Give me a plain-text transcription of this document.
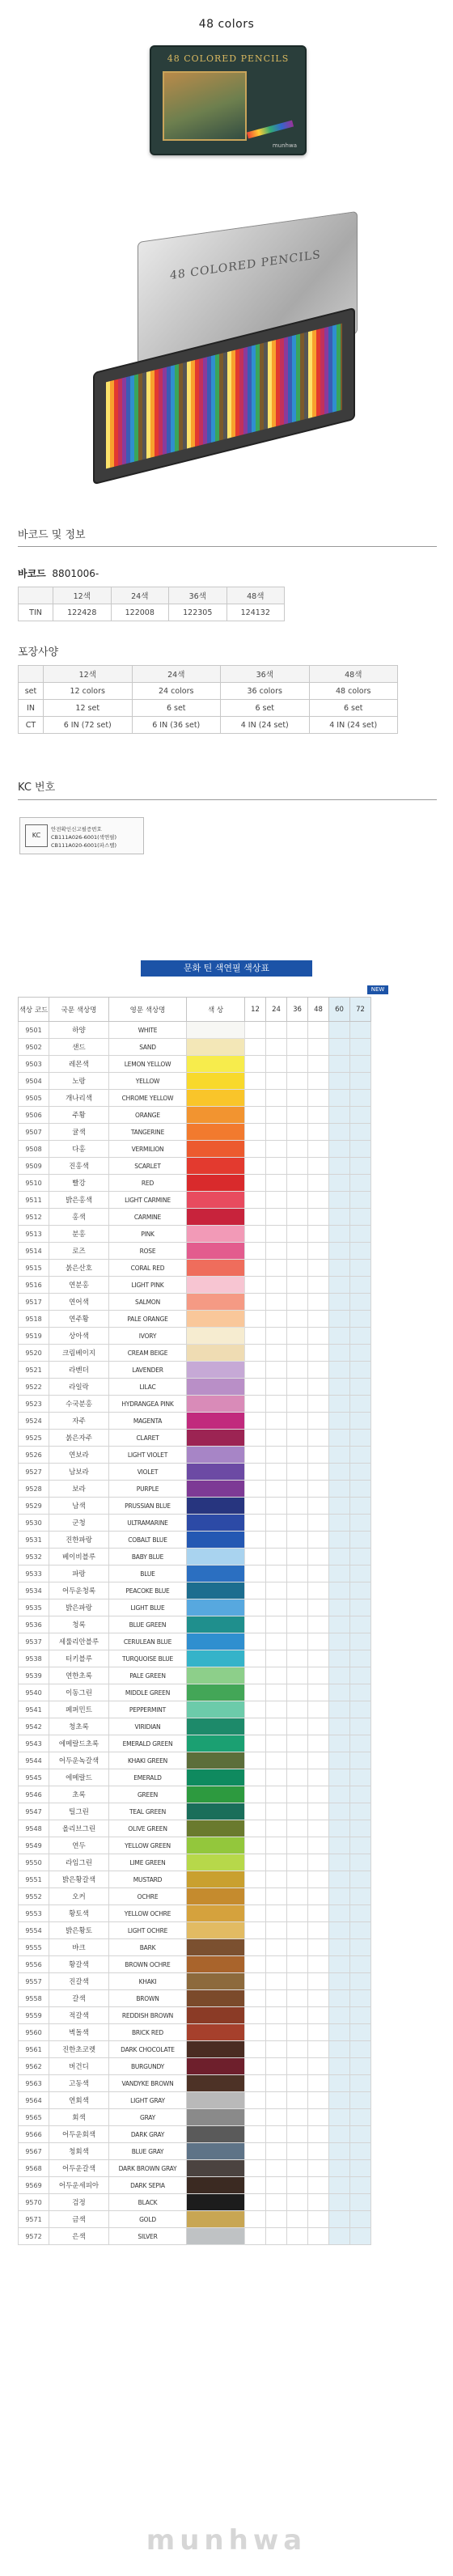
48 colors
48 COLORED PENCILS
munhwa
48 COLORED PENCILS
바코드 및 정보
바코드 8801006-
	12색	24색	36색	48색
TIN	122428	122008	122305	124132
포장사양
	12색	24색	36색	48색
set	12 colors	24 colors	36 colors	48 colors
IN	12 set	6 set	6 set	6 set
CT	6 IN (72 set)	6 IN (36 set)	4 IN (24 set)	4 IN (24 set)
KC 번호
KC
안전확인신고필증번호
CB111A026-6001(색연필)
CB111A020-6001(파스텔)
문화 틴 색연필 색상표
NEW
색상 코드	국문 색상명	영문 색상명	색 상	12	24	36	48	60	72
9501	하양	WHITE							
9502	샌드	SAND							
9503	레몬색	LEMON YELLOW							
9504	노랑	YELLOW							
9505	개나리색	CHROME YELLOW							
9506	주황	ORANGE							
9507	귤색	TANGERINE							
9508	다홍	VERMILION							
9509	진홍색	SCARLET							
9510	빨강	RED							
9511	밝은홍색	LIGHT CARMINE							
9512	홍색	CARMINE							
9513	분홍	PINK							
9514	로즈	ROSE							
9515	붉은산호	CORAL RED							
9516	연분홍	LIGHT PINK							
9517	연어색	SALMON							
9518	연주황	PALE ORANGE							
9519	상아색	IVORY							
9520	크림베이지	CREAM BEIGE							
9521	라벤더	LAVENDER							
9522	라일락	LILAC							
9523	수국분홍	HYDRANGEA PINK							
9524	자주	MAGENTA							
9525	붉은자주	CLARET							
9526	연보라	LIGHT VIOLET							
9527	남보라	VIOLET							
9528	보라	PURPLE							
9529	남색	PRUSSIAN BLUE							
9530	군청	ULTRAMARINE							
9531	진한파랑	COBALT BLUE							
9532	베이비블루	BABY BLUE							
9533	파랑	BLUE							
9534	어두운청록	PEACOKE BLUE							
9535	밝은파랑	LIGHT BLUE							
9536	청록	BLUE GREEN							
9537	세룰리안블루	CERULEAN BLUE							
9538	터키블루	TURQUOISE BLUE							
9539	연한초록	PALE GREEN							
9540	이동그린	MIDDLE GREEN							
9541	페퍼민트	PEPPERMINT							
9542	청초록	VIRIDIAN							
9543	에메랄드초록	EMERALD GREEN							
9544	어두운녹갈색	KHAKI GREEN							
9545	에메랄드	EMERALD							
9546	초록	GREEN							
9547	틸그린	TEAL GREEN							
9548	올리브그린	OLIVE GREEN							
9549	연두	YELLOW GREEN							
9550	라임그린	LIME GREEN							
9551	밝은황갈색	MUSTARD							
9552	오커	OCHRE							
9553	황토색	YELLOW OCHRE							
9554	밝은황토	LIGHT OCHRE							
9555	바크	BARK							
9556	황갈색	BROWN OCHRE							
9557	진갈색	KHAKI							
9558	갈색	BROWN							
9559	적갈색	REDDISH BROWN							
9560	벽돌색	BRICK RED							
9561	진한초코렛	DARK CHOCOLATE							
9562	버건디	BURGUNDY							
9563	고동색	VANDYKE BROWN							
9564	연회색	LIGHT GRAY							
9565	회색	GRAY							
9566	어두운회색	DARK GRAY							
9567	청회색	BLUE GRAY							
9568	어두운갈색	DARK BROWN GRAY							
9569	어두운세피아	DARK SEPIA							
9570	검정	BLACK							
9571	금색	GOLD							
9572	은색	SILVER							
munhwa
